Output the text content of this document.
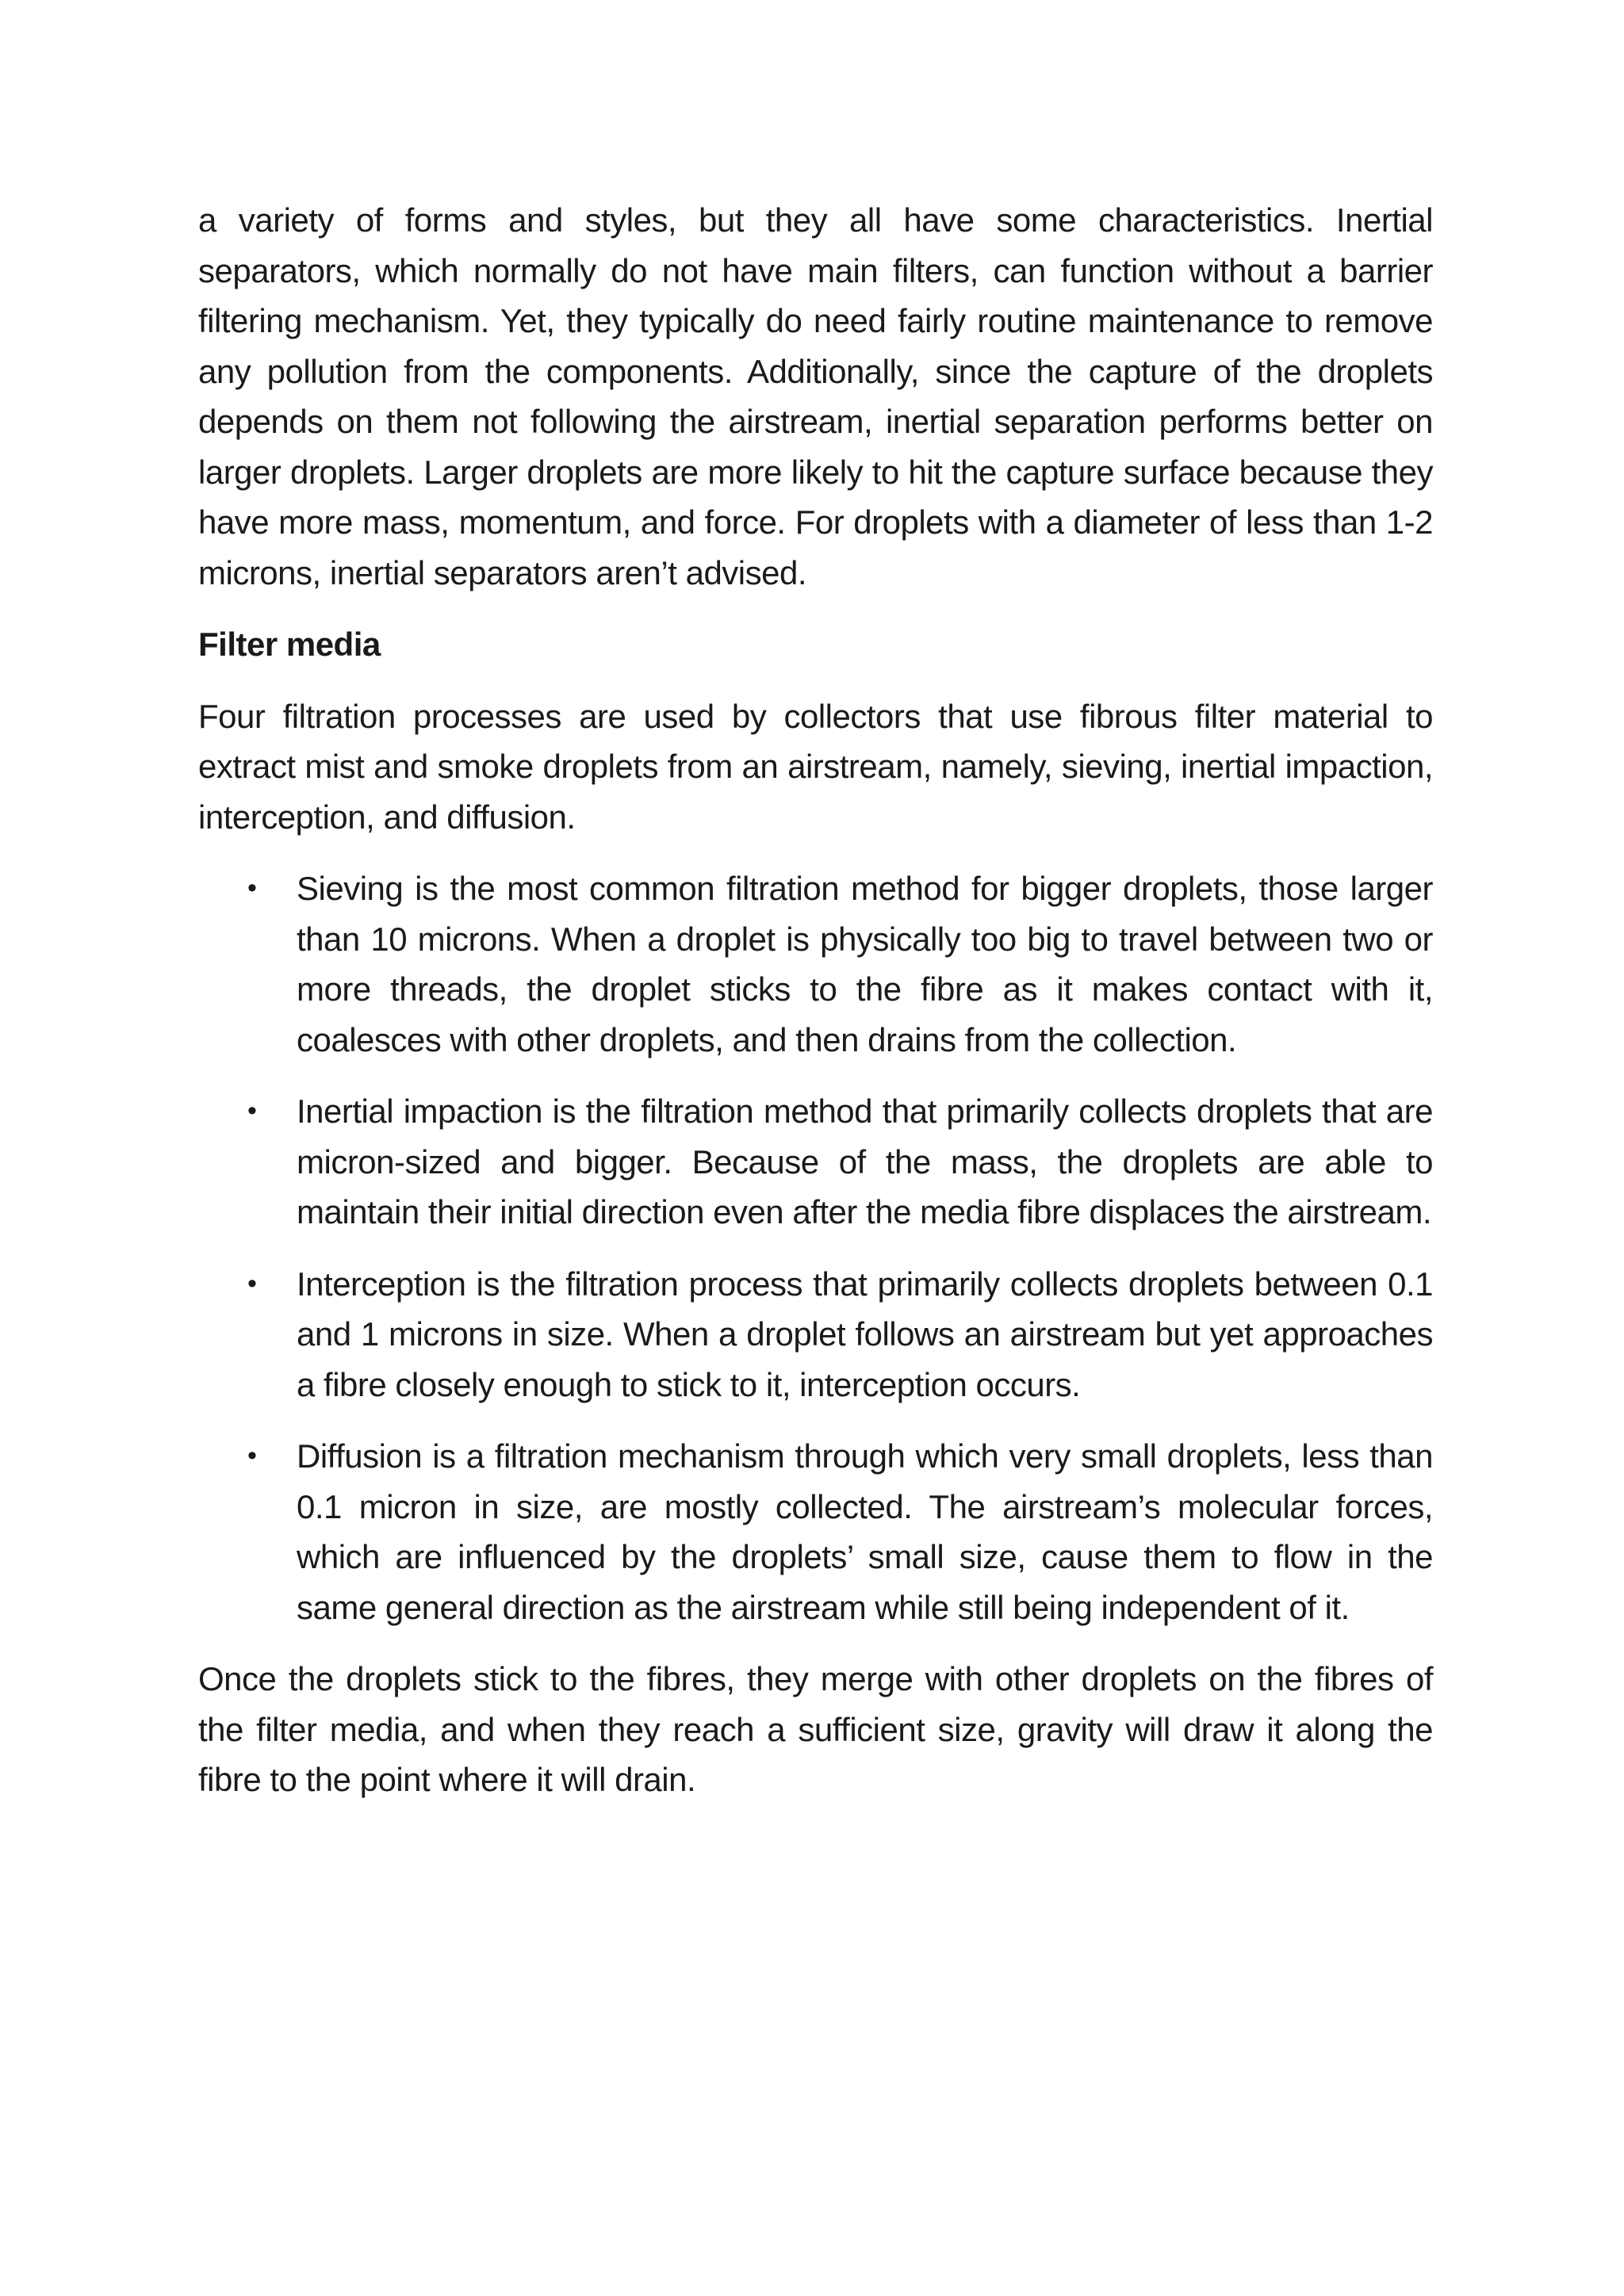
a variety of forms and styles, but they all have some characteristics. Inertial separators, which normally do not have main filters, can function without a barrier filtering mechanism. Yet, they typically do need fairly routine maintenance to remove any pollution from the components. Additionally, since the capture of the droplets depends on them not following the airstream, inertial separation performs better on larger droplets. Larger droplets are more likely to hit the capture surface because they have more mass, momentum, and force. For droplets with a diameter of less than 1-2 microns, inertial separators aren’t advised.

Filter media

Four filtration processes are used by collectors that use fibrous filter material to extract mist and smoke droplets from an airstream, namely, sieving, inertial impaction, interception, and diffusion.

• Sieving is the most common filtration method for bigger droplets, those larger than 10 microns. When a droplet is physically too big to travel between two or more threads, the droplet sticks to the fibre as it makes contact with it, coalesces with other droplets, and then drains from the collection.

• Inertial impaction is the filtration method that primarily collects droplets that are micron-sized and bigger. Because of the mass, the droplets are able to maintain their initial direction even after the media fibre displaces the airstream.

• Interception is the filtration process that primarily collects droplets between 0.1 and 1 microns in size. When a droplet follows an airstream but yet approaches a fibre closely enough to stick to it, interception occurs.

• Diffusion is a filtration mechanism through which very small droplets, less than 0.1 micron in size, are mostly collected. The airstream’s molecular forces, which are influenced by the droplets’ small size, cause them to flow in the same general direction as the airstream while still being independent of it.

Once the droplets stick to the fibres, they merge with other droplets on the fibres of the filter media, and when they reach a sufficient size, gravity will draw it along the fibre to the point where it will drain.
